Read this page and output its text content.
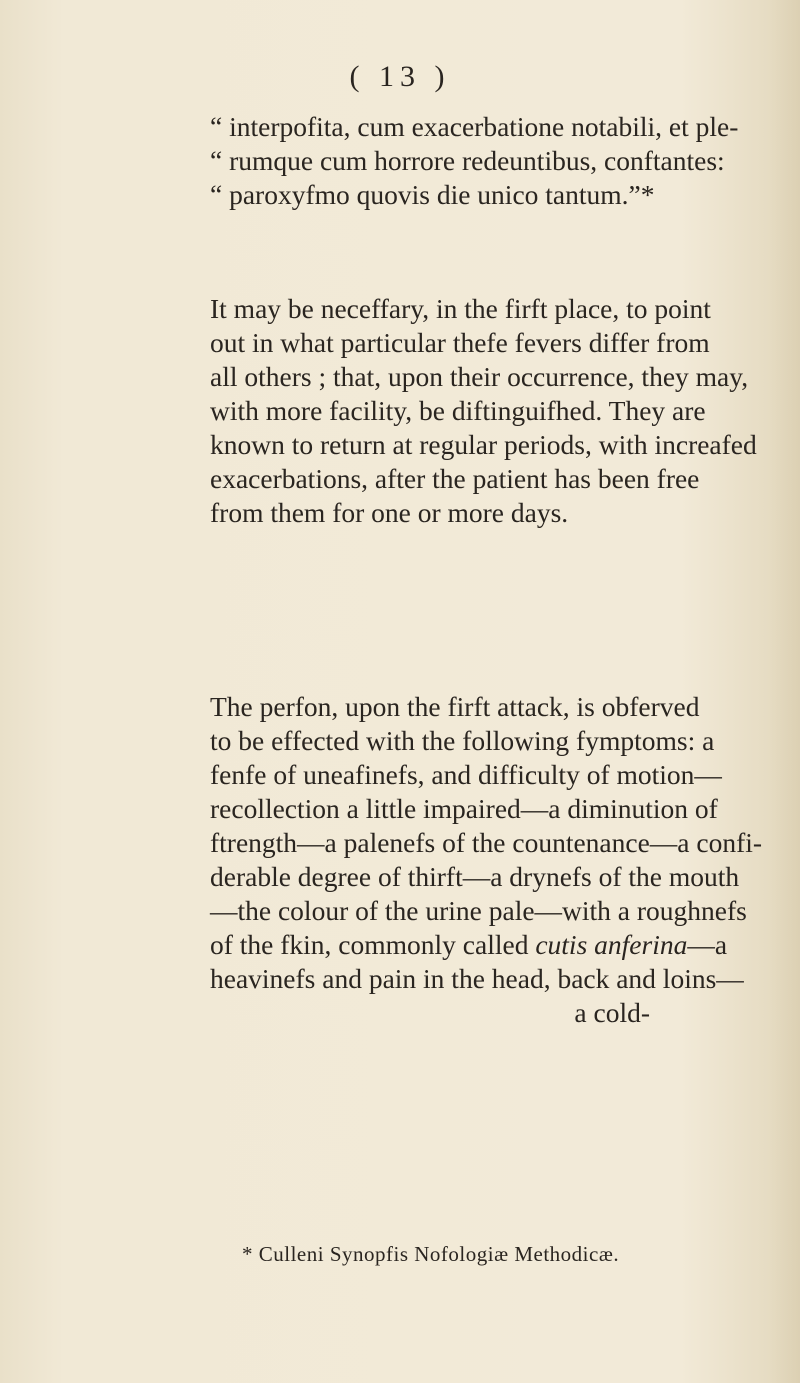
( 13 )
“ interpofita, cum exacerbatione notabili, et ple-
“ rumque cum horrore redeuntibus, conftantes:
“ paroxyfmo quovis die unico tantum.”*
It may be neceffary, in the firft place, to point
out in what particular thefe fevers differ from
all others ; that, upon their occurrence, they may,
with more facility, be diftinguifhed. They are
known to return at regular periods, with increafed
exacerbations, after the patient has been free
from them for one or more days.
The perfon, upon the firft attack, is obferved
to be effected with the following fymptoms: a
fenfe of uneafinefs, and difficulty of motion—
recollection a little impaired—a diminution of
ftrength—a palenefs of the countenance—a confi-
derable degree of thirft—a drynefs of the mouth
—the colour of the urine pale—with a roughnefs
of the fkin, commonly called cutis anferina—a
heavinefs and pain in the head, back and loins—
a cold-
* Culleni Synopfis Nofologiæ Methodicæ.
